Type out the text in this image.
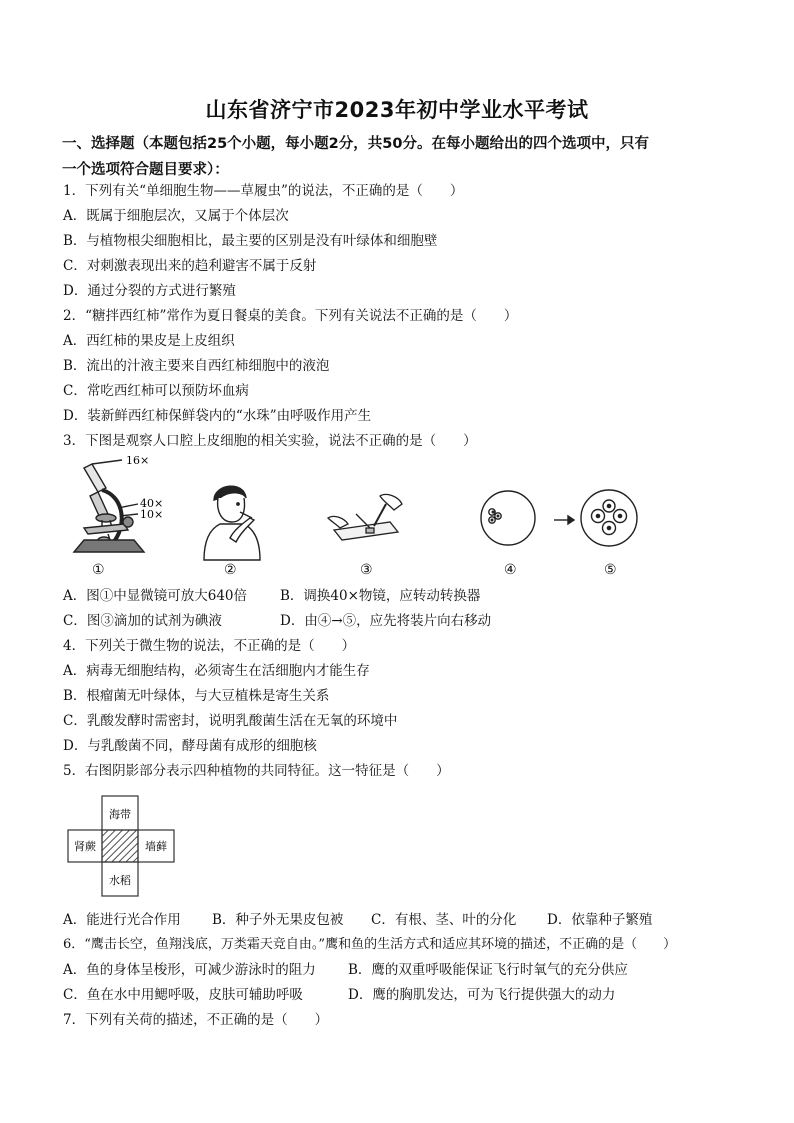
山东省济宁市2023年初中学业水平考试
一、选择题（本题包括25个小题，每小题2分，共50分。在每小题给出的四个选项中，只有
一个选项符合题目要求）：
1．下列有关“单细胞生物——草履虫”的说法，不正确的是（　　）
A．既属于细胞层次，又属于个体层次
B．与植物根尖细胞相比，最主要的区别是没有叶绿体和细胞壁
C．对刺激表现出来的趋利避害不属于反射
D．通过分裂的方式进行繁殖
2．“糖拌西红柿”常作为夏日餐桌的美食。下列有关说法不正确的是（　　）
A．西红柿的果皮是上皮组织
B．流出的汁液主要来自西红柿细胞中的液泡
C．常吃西红柿可以预防坏血病
D．装新鲜西红柿保鲜袋内的“水珠”由呼吸作用产生
3．下图是观察人口腔上皮细胞的相关实验，说法不正确的是（　　）
16×
40×
10×
①	②	③	④	⑤
A．图①中显微镜可放大640倍 B．调换40×物镜，应转动转换器
C．图③滴加的试剂为碘液	D．由④→⑤，应先将装片向右移动
4．下列关于微生物的说法，不正确的是（　　）
A．病毒无细胞结构，必须寄生在活细胞内才能生存
B．根瘤菌无叶绿体，与大豆植株是寄生关系
C．乳酸发酵时需密封，说明乳酸菌生活在无氧的环境中
D．与乳酸菌不同，酵母菌有成形的细胞核
5．右图阴影部分表示四种植物的共同特征。这一特征是（　　）
海带
肾蕨	墙藓
水稻
A．能进行光合作用 B．种子外无果皮包被 C．有根、茎、叶的分化 D．依靠种子繁殖
6．“鹰击长空，鱼翔浅底，万类霜天竞自由。”鹰和鱼的生活方式和适应其环境的描述，不正确的是（　　）
A．鱼的身体呈梭形，可减少游泳时的阻力 B．鹰的双重呼吸能保证飞行时氧气的充分供应
C．鱼在水中用鳃呼吸，皮肤可辅助呼吸	D．鹰的胸肌发达，可为飞行提供强大的动力
7．下列有关荷的描述，不正确的是（　　）
